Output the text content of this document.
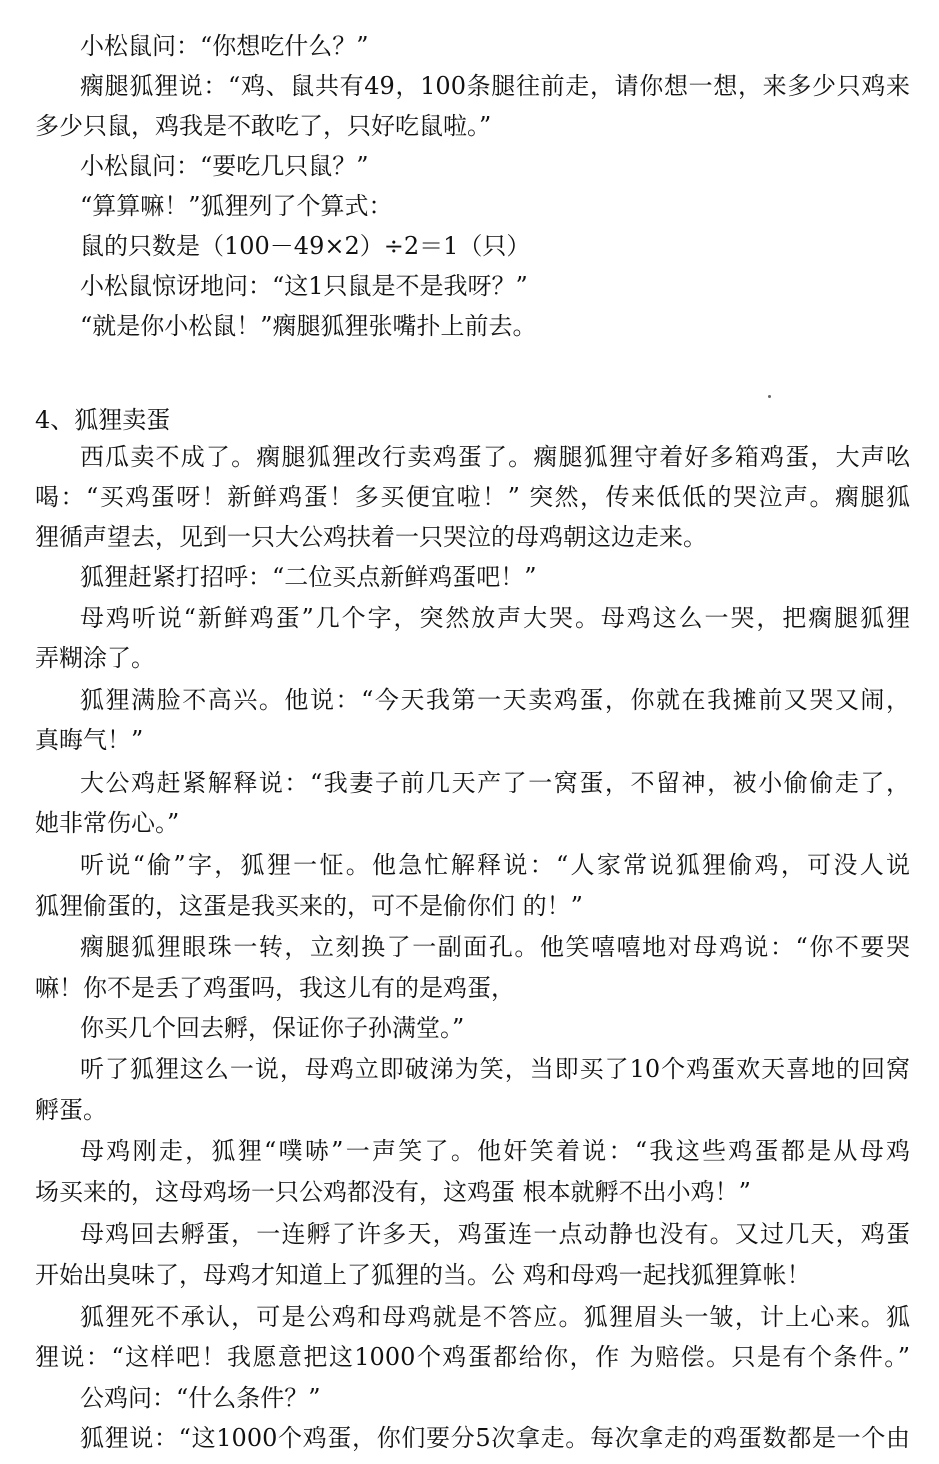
小松鼠问：“你想吃什么？”
瘸腿狐狸说：“鸡、鼠共有49，100条腿往前走，请你想一想，来多少只鸡来
多少只鼠，鸡我是不敢吃了，只好吃鼠啦。”
小松鼠问：“要吃几只鼠？”
“算算嘛！”狐狸列了个算式：
鼠的只数是（100－49×2）÷2＝1（只）
小松鼠惊讶地问：“这1只鼠是不是我呀？”
“就是你小松鼠！”瘸腿狐狸张嘴扑上前去。
4、狐狸卖蛋
西瓜卖不成了。瘸腿狐狸改行卖鸡蛋了。瘸腿狐狸守着好多箱鸡蛋，大声吆
喝：“买鸡蛋呀！新鲜鸡蛋！多买便宜啦！” 突然，传来低低的哭泣声。瘸腿狐
狸循声望去，见到一只大公鸡扶着一只哭泣的母鸡朝这边走来。
狐狸赶紧打招呼：“二位买点新鲜鸡蛋吧！”
母鸡听说“新鲜鸡蛋”几个字，突然放声大哭。母鸡这么一哭，把瘸腿狐狸
弄糊涂了。
狐狸满脸不高兴。他说：“今天我第一天卖鸡蛋，你就在我摊前又哭又闹，
真晦气！”
大公鸡赶紧解释说：“我妻子前几天产了一窝蛋，不留神，被小偷偷走了，
她非常伤心。”
听说“偷”字，狐狸一怔。他急忙解释说：“人家常说狐狸偷鸡，可没人说
狐狸偷蛋的，这蛋是我买来的，可不是偷你们 的！”
瘸腿狐狸眼珠一转，立刻换了一副面孔。他笑嘻嘻地对母鸡说：“你不要哭
嘛！你不是丢了鸡蛋吗，我这儿有的是鸡蛋，
你买几个回去孵，保证你子孙满堂。”
听了狐狸这么一说，母鸡立即破涕为笑，当即买了10个鸡蛋欢天喜地的回窝
孵蛋。
母鸡刚走，狐狸“噗哧”一声笑了。他奸笑着说：“我这些鸡蛋都是从母鸡
场买来的，这母鸡场一只公鸡都没有，这鸡蛋 根本就孵不出小鸡！”
母鸡回去孵蛋，一连孵了许多天，鸡蛋连一点动静也没有。又过几天，鸡蛋
开始出臭味了，母鸡才知道上了狐狸的当。公 鸡和母鸡一起找狐狸算帐！
狐狸死不承认，可是公鸡和母鸡就是不答应。狐狸眉头一皱，计上心来。狐
狸说：“这样吧！我愿意把这1000个鸡蛋都给你，作 为赔偿。只是有个条件。”
公鸡问：“什么条件？”
狐狸说：“这1000个鸡蛋，你们要分5次拿走。每次拿走的鸡蛋数都是一个由
